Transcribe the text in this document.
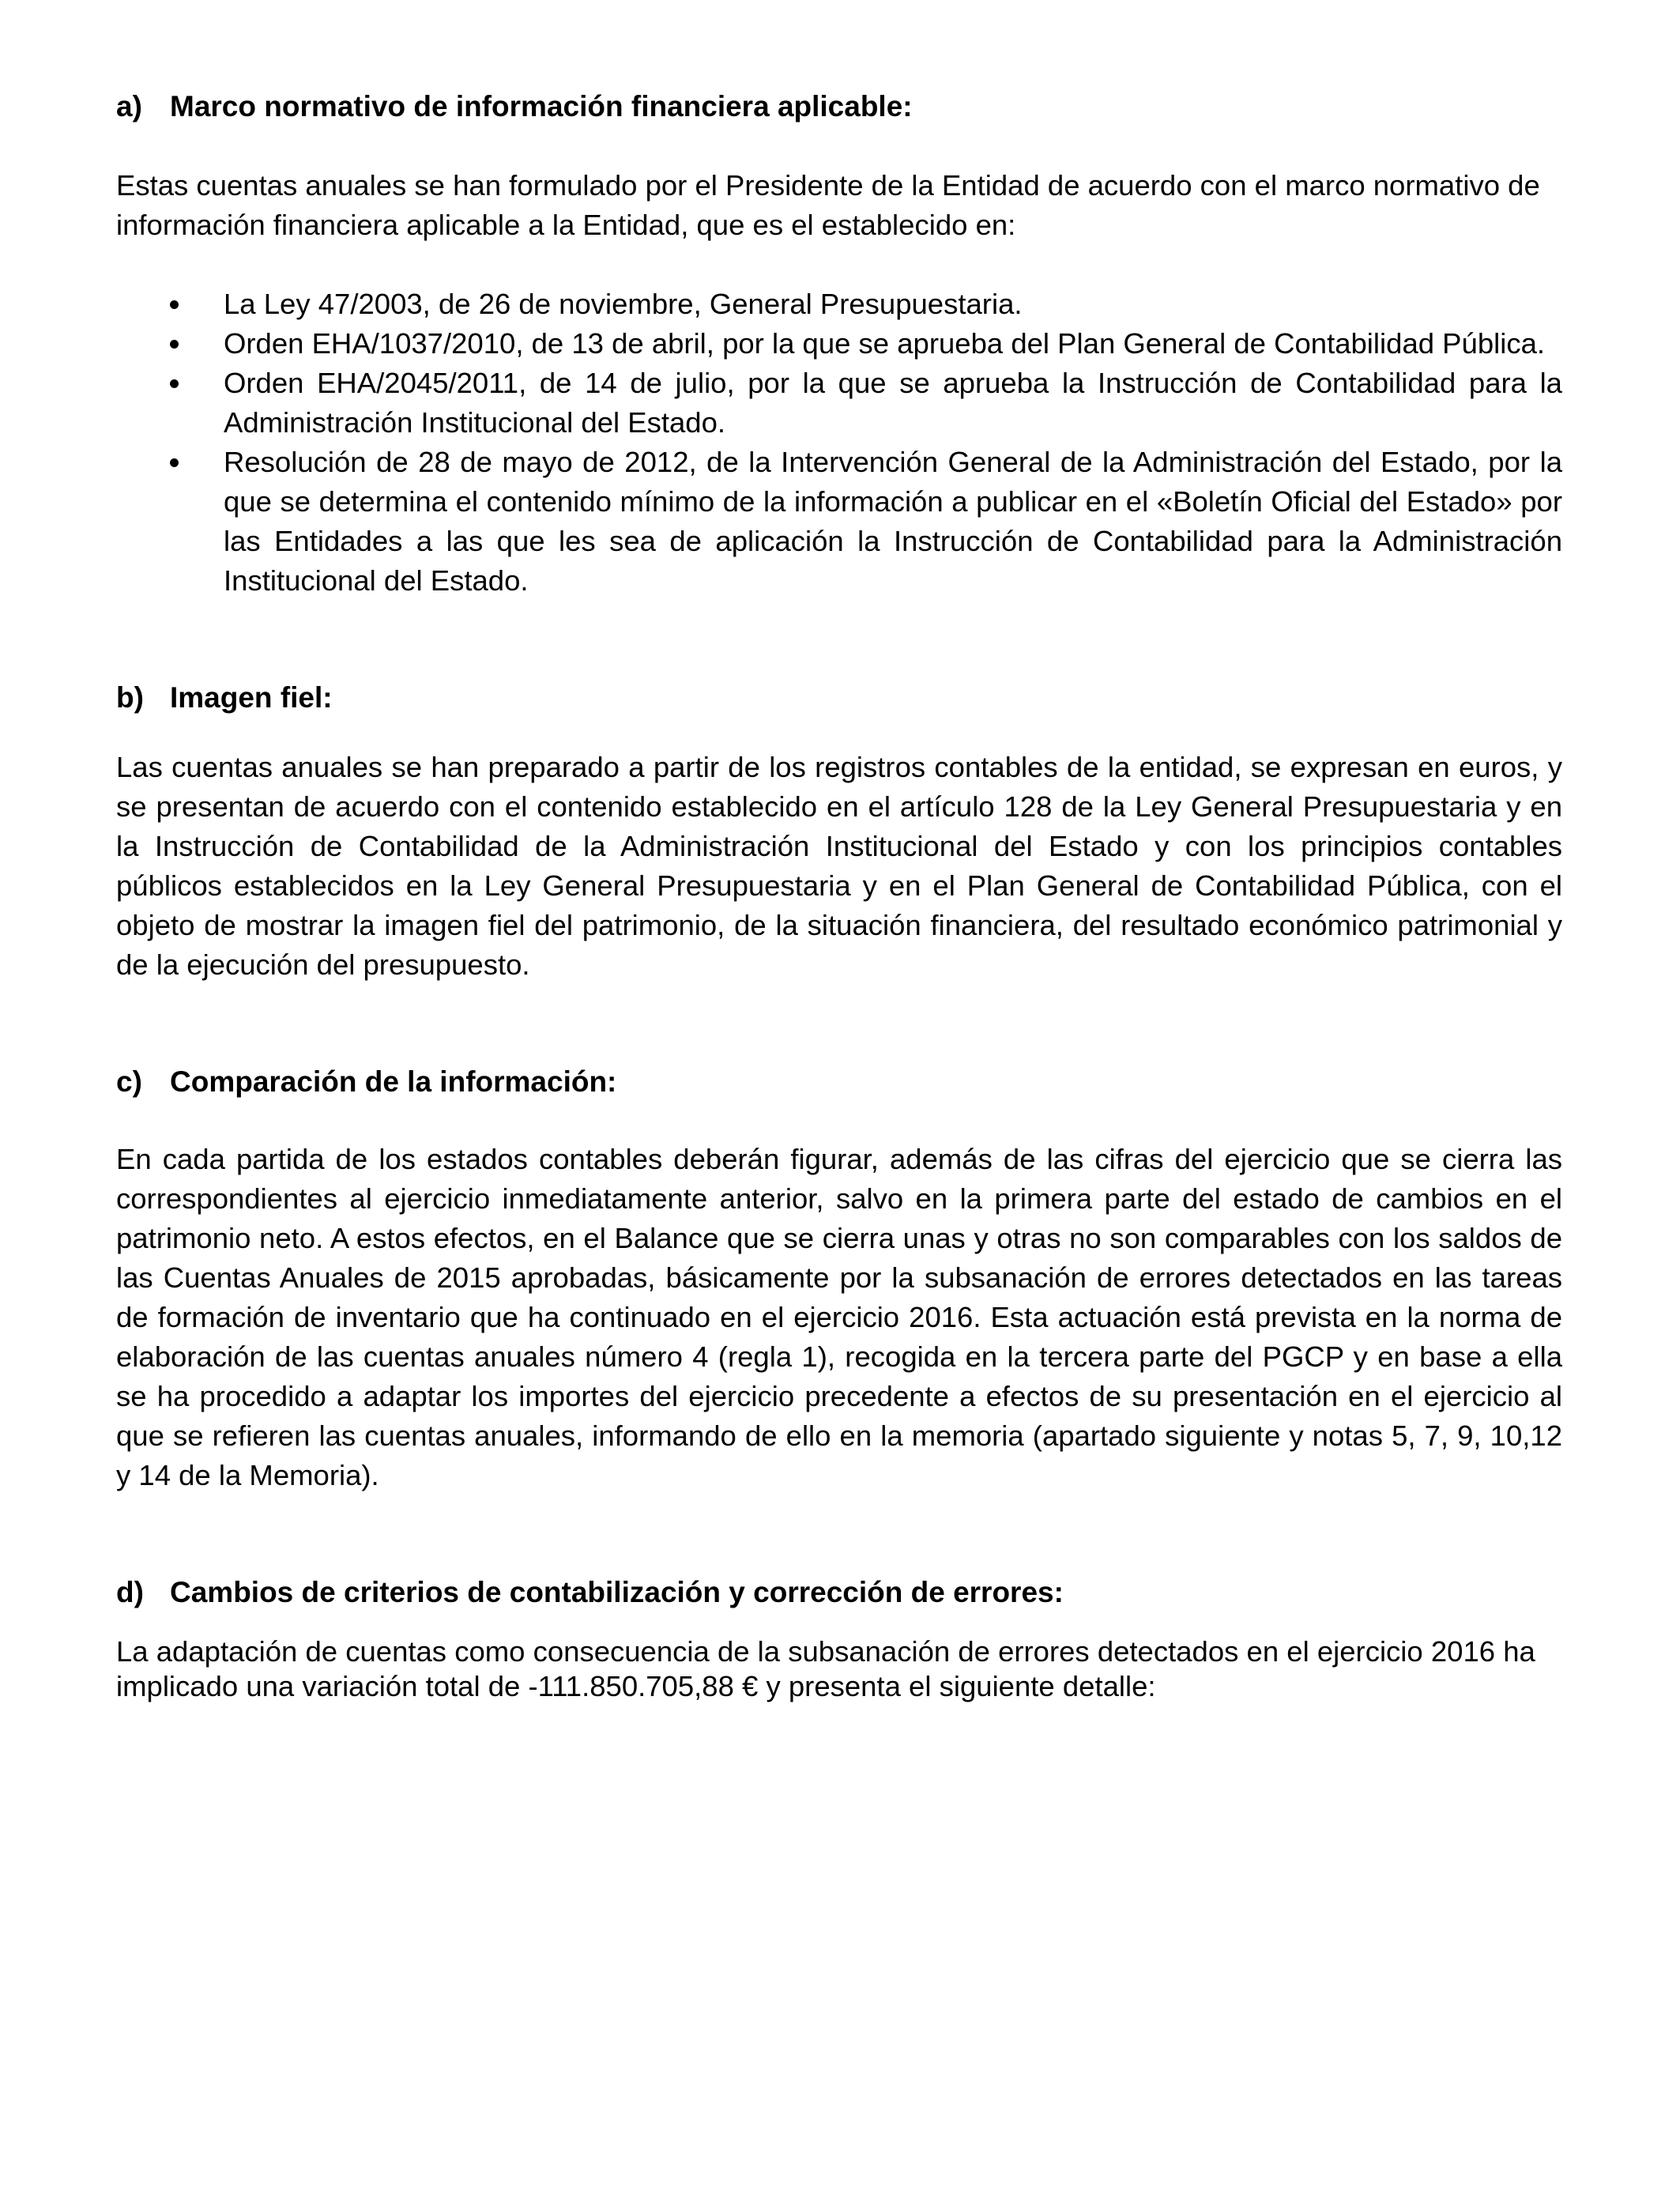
a) Marco normativo de información financiera aplicable:

Estas cuentas anuales se han formulado por el Presidente de la Entidad de acuerdo con el marco normativo de información financiera aplicable a la Entidad, que es el establecido en:

La Ley 47/2003, de 26 de noviembre, General Presupuestaria.
Orden EHA/1037/2010, de 13 de abril, por la que se aprueba del Plan General de Contabilidad Pública.
Orden EHA/2045/2011, de 14 de julio, por la que se aprueba la Instrucción de Contabilidad para la Administración Institucional del Estado.
Resolución de 28 de mayo de 2012, de la Intervención General de la Administración del Estado, por la que se determina el contenido mínimo de la información a publicar en el «Boletín Oficial del Estado» por las Entidades a las que les sea de aplicación la Instrucción de Contabilidad para la Administración Institucional del Estado.
b) Imagen fiel:

Las cuentas anuales se han preparado a partir de los registros contables de la entidad, se expresan en euros, y se presentan de acuerdo con el contenido establecido en el artículo 128 de la Ley General Presupuestaria y en la Instrucción de Contabilidad de la Administración Institucional del Estado y con los principios contables públicos establecidos en la Ley General Presupuestaria y en el Plan General de Contabilidad Pública, con el objeto de mostrar la imagen fiel del patrimonio, de la situación financiera, del resultado económico patrimonial y de la ejecución del presupuesto.

c) Comparación de la información:

En cada partida de los estados contables deberán figurar, además de las cifras del ejercicio que se cierra las correspondientes al ejercicio inmediatamente anterior, salvo en la primera parte del estado de cambios en el patrimonio neto. A estos efectos, en el Balance que se cierra unas y otras no son comparables con los saldos de las Cuentas Anuales de 2015 aprobadas, básicamente por la subsanación de errores detectados en las tareas de formación de inventario que ha continuado en el ejercicio 2016. Esta actuación está prevista en la norma de elaboración de las cuentas anuales número 4 (regla 1), recogida en la tercera parte del PGCP y en base a ella se ha procedido a adaptar los importes del ejercicio precedente a efectos de su presentación en el ejercicio al que se refieren las cuentas anuales, informando de ello en la memoria (apartado siguiente y notas 5, 7, 9, 10,12 y 14 de la Memoria).

d) Cambios de criterios de contabilización y corrección de errores:

La adaptación de cuentas como consecuencia de la subsanación de errores detectados en el ejercicio 2016 ha implicado una variación total de -111.850.705,88 € y presenta el siguiente detalle:
